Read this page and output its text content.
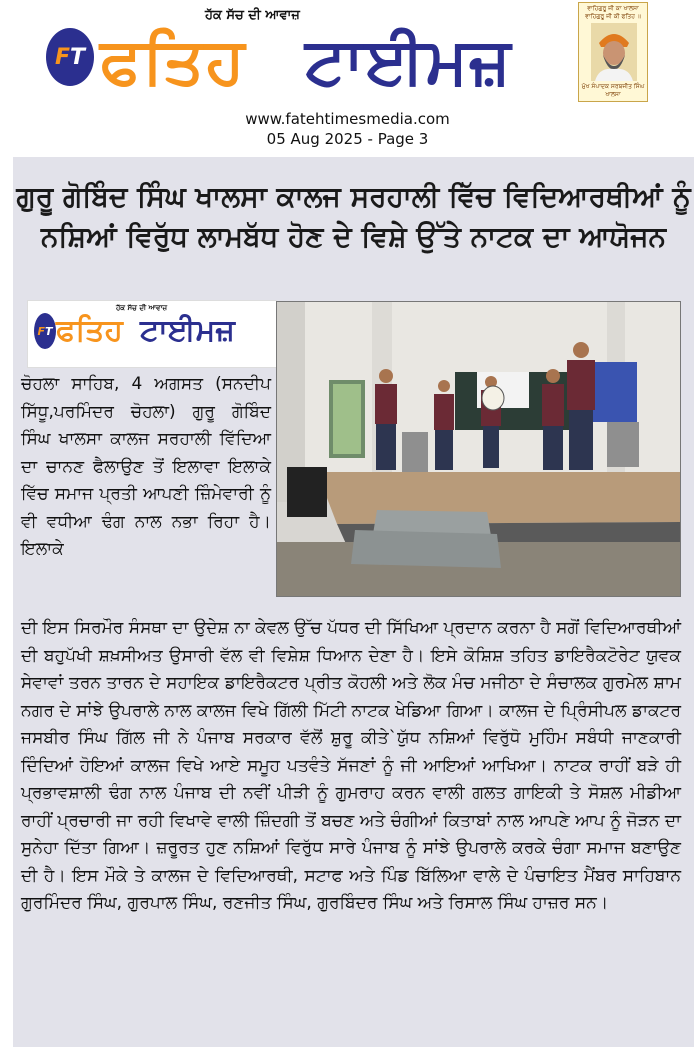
F T
ਹੱਕ ਸੱਚ ਦੀ ਆਵਾਜ਼
ਫਤਿਹ ਟਾਈਮਜ਼
ਵਾਹਿਗੁਰੂ ਜੀ ਕਾ ਖਾਲਸਾ ਵਾਹਿਗੁਰੂ ਜੀ ਕੀ ਫਤਿਹ ॥
ਮੁੱਖ ਸੰਪਾਦਕ ਸਰਬਜੀਤ ਸਿੰਘ ਖਾਲਸਾ
www.fatehtimesmedia.com
05 Aug 2025 - Page 3
ਗੁਰੂ ਗੋਬਿੰਦ ਸਿੰਘ ਖਾਲਸਾ ਕਾਲਜ ਸਰਹਾਲੀ ਵਿੱਚ ਵਿਦਿਆਰਥੀਆਂ ਨੂੰ
ਨਸ਼ਿਆਂ ਵਿਰੁੱਧ ਲਾਮਬੱਧ ਹੋਣ ਦੇ ਵਿਸ਼ੇ ਉੱਤੇ ਨਾਟਕ ਦਾ ਆਯੋਜਨ
ਹੱਕ ਸੱਚ ਦੀ ਆਵਾਜ਼
F T ਫਤਿਹ ਟਾਈਮਜ਼
ਚੋਹਲਾ ਸਾਹਿਬ, 4 ਅਗਸਤ (ਸਨਦੀਪ ਸਿੱਧੂ,ਪਰਮਿੰਦਰ ਚੋਹਲਾ) ਗੁਰੂ ਗੋਬਿੰਦ ਸਿੰਘ ਖਾਲਸਾ ਕਾਲਜ ਸਰਹਾਲੀ ਵਿੱਦਿਆ ਦਾ ਚਾਨਣ ਫੈਲਾਉਣ ਤੋਂ ਇਲਾਵਾ ਇਲਾਕੇ ਵਿੱਚ ਸਮਾਜ ਪ੍ਰਤੀ ਆਪਣੀ ਜ਼ਿੰਮੇਵਾਰੀ ਨੂੰ ਵੀ ਵਧੀਆ ਢੰਗ ਨਾਲ ਨਭਾ ਰਿਹਾ ਹੈ। ਇਲਾਕੇ

ਦੀ ਇਸ ਸਿਰਮੌਰ ਸੰਸਥਾ ਦਾ ਉਦੇਸ਼ ਨਾ ਕੇਵਲ ਉੱਚ ਪੱਧਰ ਦੀ ਸਿੱਖਿਆ ਪ੍ਰਦਾਨ ਕਰਨਾ ਹੈ ਸਗੋਂ ਵਿਦਿਆਰਥੀਆਂ ਦੀ ਬਹੁਪੱਖੀ ਸ਼ਖ਼ਸੀਅਤ ਉਸਾਰੀ ਵੱਲ ਵੀ ਵਿਸ਼ੇਸ਼ ਧਿਆਨ ਦੇਣਾ ਹੈ। ਇਸੇ ਕੋਸ਼ਿਸ਼ ਤਹਿਤ ਡਾਇਰੈਕਟੋਰੇਟ ਯੁਵਕ ਸੇਵਾਵਾਂ ਤਰਨ ਤਾਰਨ ਦੇ ਸਹਾਇਕ ਡਾਇਰੈਕਟਰ ਪ੍ਰੀਤ ਕੋਹਲੀ ਅਤੇ ਲੋਕ ਮੰਚ ਮਜੀਠਾ ਦੇ ਸੰਚਾਲਕ ਗੁਰਮੇਲ ਸ਼ਾਮ ਨਗਰ ਦੇ ਸਾਂਝੇ ਉਪਰਾਲੇ ਨਾਲ ਕਾਲਜ ਵਿਖੇ ਗਿੱਲੀ ਮਿੱਟੀ ਨਾਟਕ ਖੇਡਿਆ ਗਿਆ। ਕਾਲਜ ਦੇ ਪ੍ਰਿੰਸੀਪਲ ਡਾਕਟਰ ਜਸਬੀਰ ਸਿੰਘ ਗਿੱਲ ਜੀ ਨੇ ਪੰਜਾਬ ਸਰਕਾਰ ਵੱਲੋਂ ਸ਼ੁਰੂ ਕੀਤੇ`ਯੁੱਧ ਨਸ਼ਿਆਂ ਵਿਰੁੱਧੋ ਮੁਹਿੰਮ ਸਬੰਧੀ ਜਾਣਕਾਰੀ ਦਿੰਦਿਆਂ ਹੋਇਆਂ ਕਾਲਜ ਵਿਖੇ ਆਏ ਸਮੂਹ ਪਤਵੰਤੇ ਸੱਜਣਾਂ ਨੂੰ ਜੀ ਆਇਆਂ ਆਖਿਆ। ਨਾਟਕ ਰਾਹੀਂ ਬੜੇ ਹੀ ਪ੍ਰਭਾਵਸ਼ਾਲੀ ਢੰਗ ਨਾਲ ਪੰਜਾਬ ਦੀ ਨਵੀਂ ਪੀੜੀ ਨੂੰ ਗੁਮਰਾਹ ਕਰਨ ਵਾਲੀ ਗਲਤ ਗਾਇਕੀ ਤੇ ਸੋਸ਼ਲ ਮੀਡੀਆ ਰਾਹੀਂ ਪ੍ਰਚਾਰੀ ਜਾ ਰਹੀ ਵਿਖਾਵੇ ਵਾਲੀ ਜ਼ਿੰਦਗੀ ਤੋਂ ਬਚਣ ਅਤੇ ਚੰਗੀਆਂ ਕਿਤਾਬਾਂ ਨਾਲ ਆਪਣੇ ਆਪ ਨੂੰ ਜੋੜਨ ਦਾ ਸੁਨੇਹਾ ਦਿੱਤਾ ਗਿਆ। ਜ਼ਰੂਰਤ ਹੁਣ ਨਸ਼ਿਆਂ ਵਿਰੁੱਧ ਸਾਰੇ ਪੰਜਾਬ ਨੂੰ ਸਾਂਝੇ ਉਪਰਾਲੇ ਕਰਕੇ ਚੰਗਾ ਸਮਾਜ ਬਣਾਉਣ ਦੀ ਹੈ। ਇਸ ਮੌਕੇ ਤੇ ਕਾਲਜ ਦੇ ਵਿਦਿਆਰਥੀ, ਸਟਾਫ ਅਤੇ ਪਿੰਡ ਬਿੱਲਿਆ ਵਾਲੇ ਦੇ ਪੰਚਾਇਤ ਮੈਂਬਰ ਸਾਹਿਬਾਨ ਗੁਰਮਿੰਦਰ ਸਿੰਘ, ਗੁਰਪਾਲ ਸਿੰਘ, ਰਣਜੀਤ ਸਿੰਘ, ਗੁਰਬਿੰਦਰ ਸਿੰਘ ਅਤੇ ਰਿਸਾਲ ਸਿੰਘ ਹਾਜ਼ਰ ਸਨ।
